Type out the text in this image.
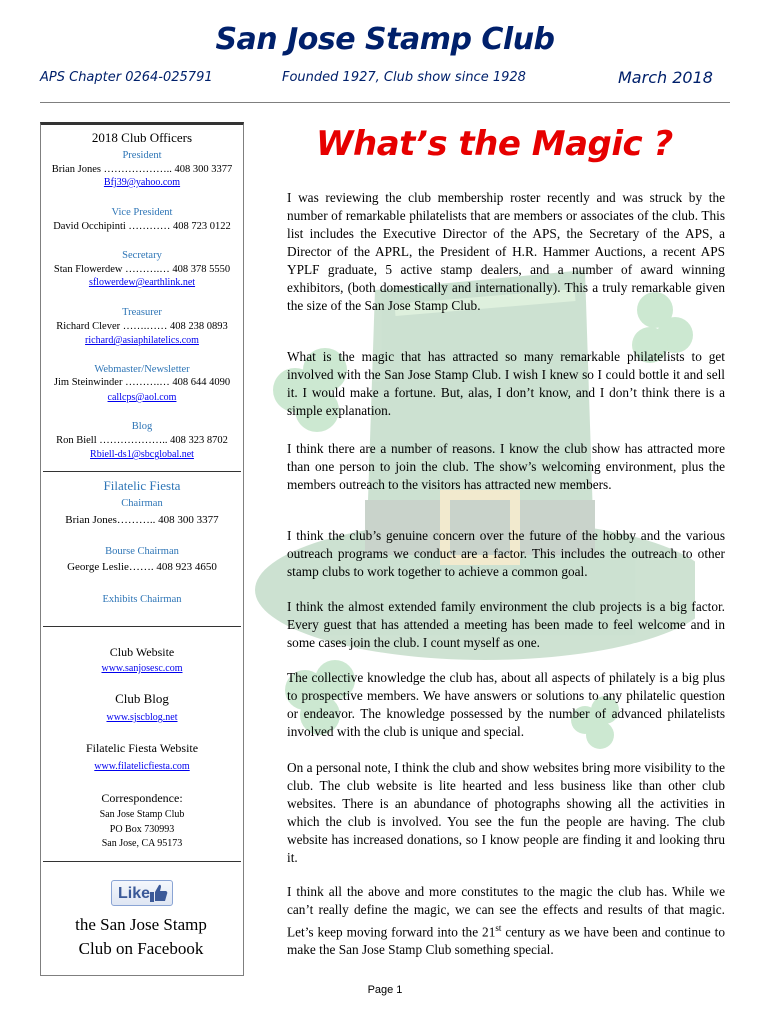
San Jose Stamp Club
APS Chapter 0264-025791	Founded 1927, Club show since 1928	March 2018
2018 Club Officers
President
Brian Jones ……………….. 408 300 3377
Bfj39@yahoo.com
Vice President
David Occhipinti ………… 408 723 0122
Secretary
Stan Flowerdew ……….… 408 378 5550
sflowerdew@earthlink.net
Treasurer
Richard Clever …….…… 408 238 0893
richard@asiaphilatelics.com
Webmaster/Newsletter
Jim Steinwinder ……….… 408 644 4090
callcps@aol.com
Blog
Ron Biell ……………….. 408 323 8702
Rbiell-ds1@sbcglobal.net
Filatelic Fiesta
Chairman
Brian Jones……….. 408 300 3377
Bourse Chairman
George Leslie……. 408 923 4650
Exhibits Chairman
Club Website
www.sanjosesc.com
Club Blog
www.sjscblog.net
Filatelic Fiesta Website
www.filatelicfiesta.com
Correspondence:
San Jose Stamp Club
PO Box 730993
San Jose, CA 95173
Like
the San Jose Stamp
Club on Facebook
What’s the Magic ?
I was reviewing the club membership roster recently and was struck by the number of remarkable philatelists that are members or associates of the club. This list includes the Executive Director of the APS, the Secretary of the APS, a Director of the APRL, the President of H.R. Hammer Auctions, a recent APS YPLF graduate, 5 active stamp dealers, and a number of award winning exhibitors, (both domestically and internationally). This a truly remarkable given the size of the San Jose Stamp Club.
What is the magic that has attracted so many remarkable philatelists to get involved with the San Jose Stamp Club. I wish I knew so I could bottle it and sell it. I would make a fortune. But, alas, I don’t know, and I don’t think there is a simple explanation.
I think there are a number of reasons. I know the club show has attracted more than one person to join the club. The show’s welcoming environment, plus the members outreach to the visitors has attracted new members.
I think the club’s genuine concern over the future of the hobby and the various outreach programs we conduct are a factor. This includes the outreach to other stamp clubs to work together to achieve a common goal.
I think the almost extended family environment the club projects is a big factor. Every guest that has attended a meeting has been made to feel welcome and in some cases join the club. I count myself as one.
The collective knowledge the club has, about all aspects of philately is a big plus to prospective members. We have answers or solutions to any philatelic question or endeavor. The knowledge possessed by the number of advanced philatelists involved with the club is unique and special.
On a personal note, I think the club and show websites bring more visibility to the club. The club website is lite hearted and less business like than other club websites. There is an abundance of photographs showing all the activities in which the club is involved. You see the fun the people are having. The club website has increased donations, so I know people are finding it and looking thru it.
I think all the above and more constitutes to the magic the club has. While we can’t really define the magic, we can see the effects and results of that magic. Let’s keep moving forward into the 21st century as we have been and continue to make the San Jose Stamp Club something special.
Page 1
